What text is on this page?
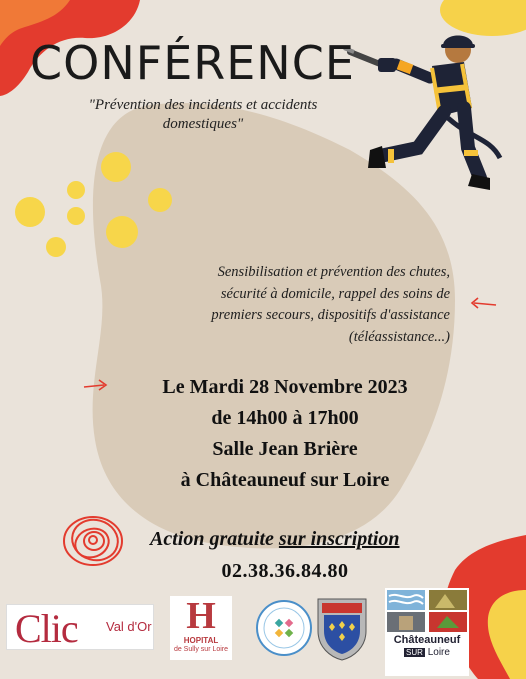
CONFÉRENCE
"Prévention des incidents et accidents domestiques"
Sensibilisation et prévention des chutes,
sécurité à domicile, rappel des soins de
premiers secours, dispositifs d'assistance
(téléassistance...)
Le Mardi 28 Novembre 2023
de 14h00 à 17h00
Salle Jean Brière
à Châteauneuf sur Loire
Action gratuite sur inscription
02.38.36.84.80
Clic Val d'Or H
HOPITAL
de Sully sur Loire
Châteauneuf
SUR Loire
